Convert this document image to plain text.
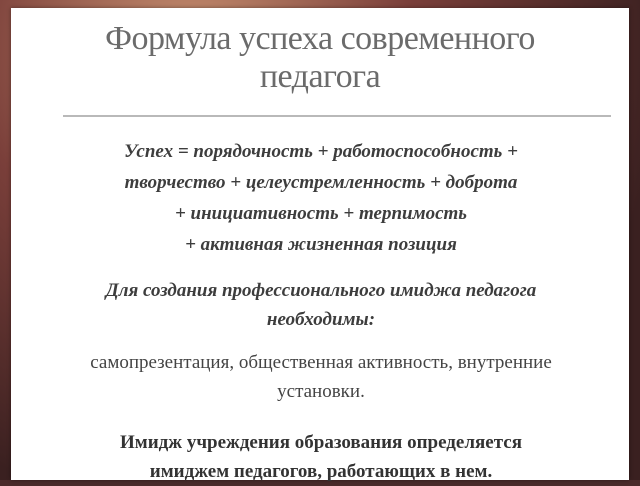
Формула успеха современного
педагога
Успех = порядочность + работоспособность +
творчество + целеустремленность + доброта
+ инициативность + терпимость
+ активная жизненная позиция
Для создания профессионального имиджа педагога
необходимы:
самопрезентация, общественная активность, внутренние
установки.
Имидж учреждения образования определяется
имиджем педагогов, работающих в нем.
